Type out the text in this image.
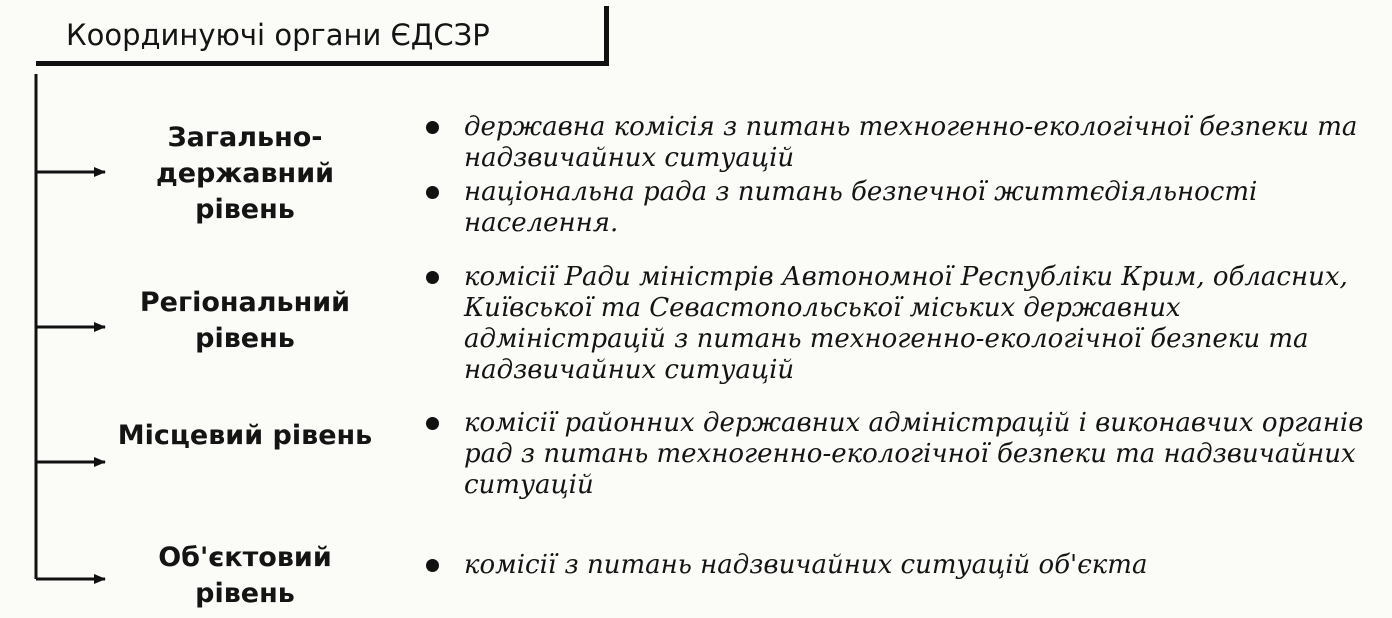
Координуючі органи ЄДСЗР
Загально-державний рівень
державна комісія з питань техногенно-екологічної безпеки та надзвичайних ситуацій
національна рада з питань безпечної життєдіяльності населення.
Регіональний рівень
комісії Ради міністрів Автономної Республіки Крим, обласних, Київської та Севастопольської міських державних адміністрацій з питань техногенно-екологічної безпеки та надзвичайних ситуацій
Місцевий рівень	комісії районних державних адміністрацій і виконавчих органів рад з питань техногенно-екологічної безпеки та надзвичайних ситуацій
Об'єктовий рівень
комісії з питань надзвичайних ситуацій об'єкта
